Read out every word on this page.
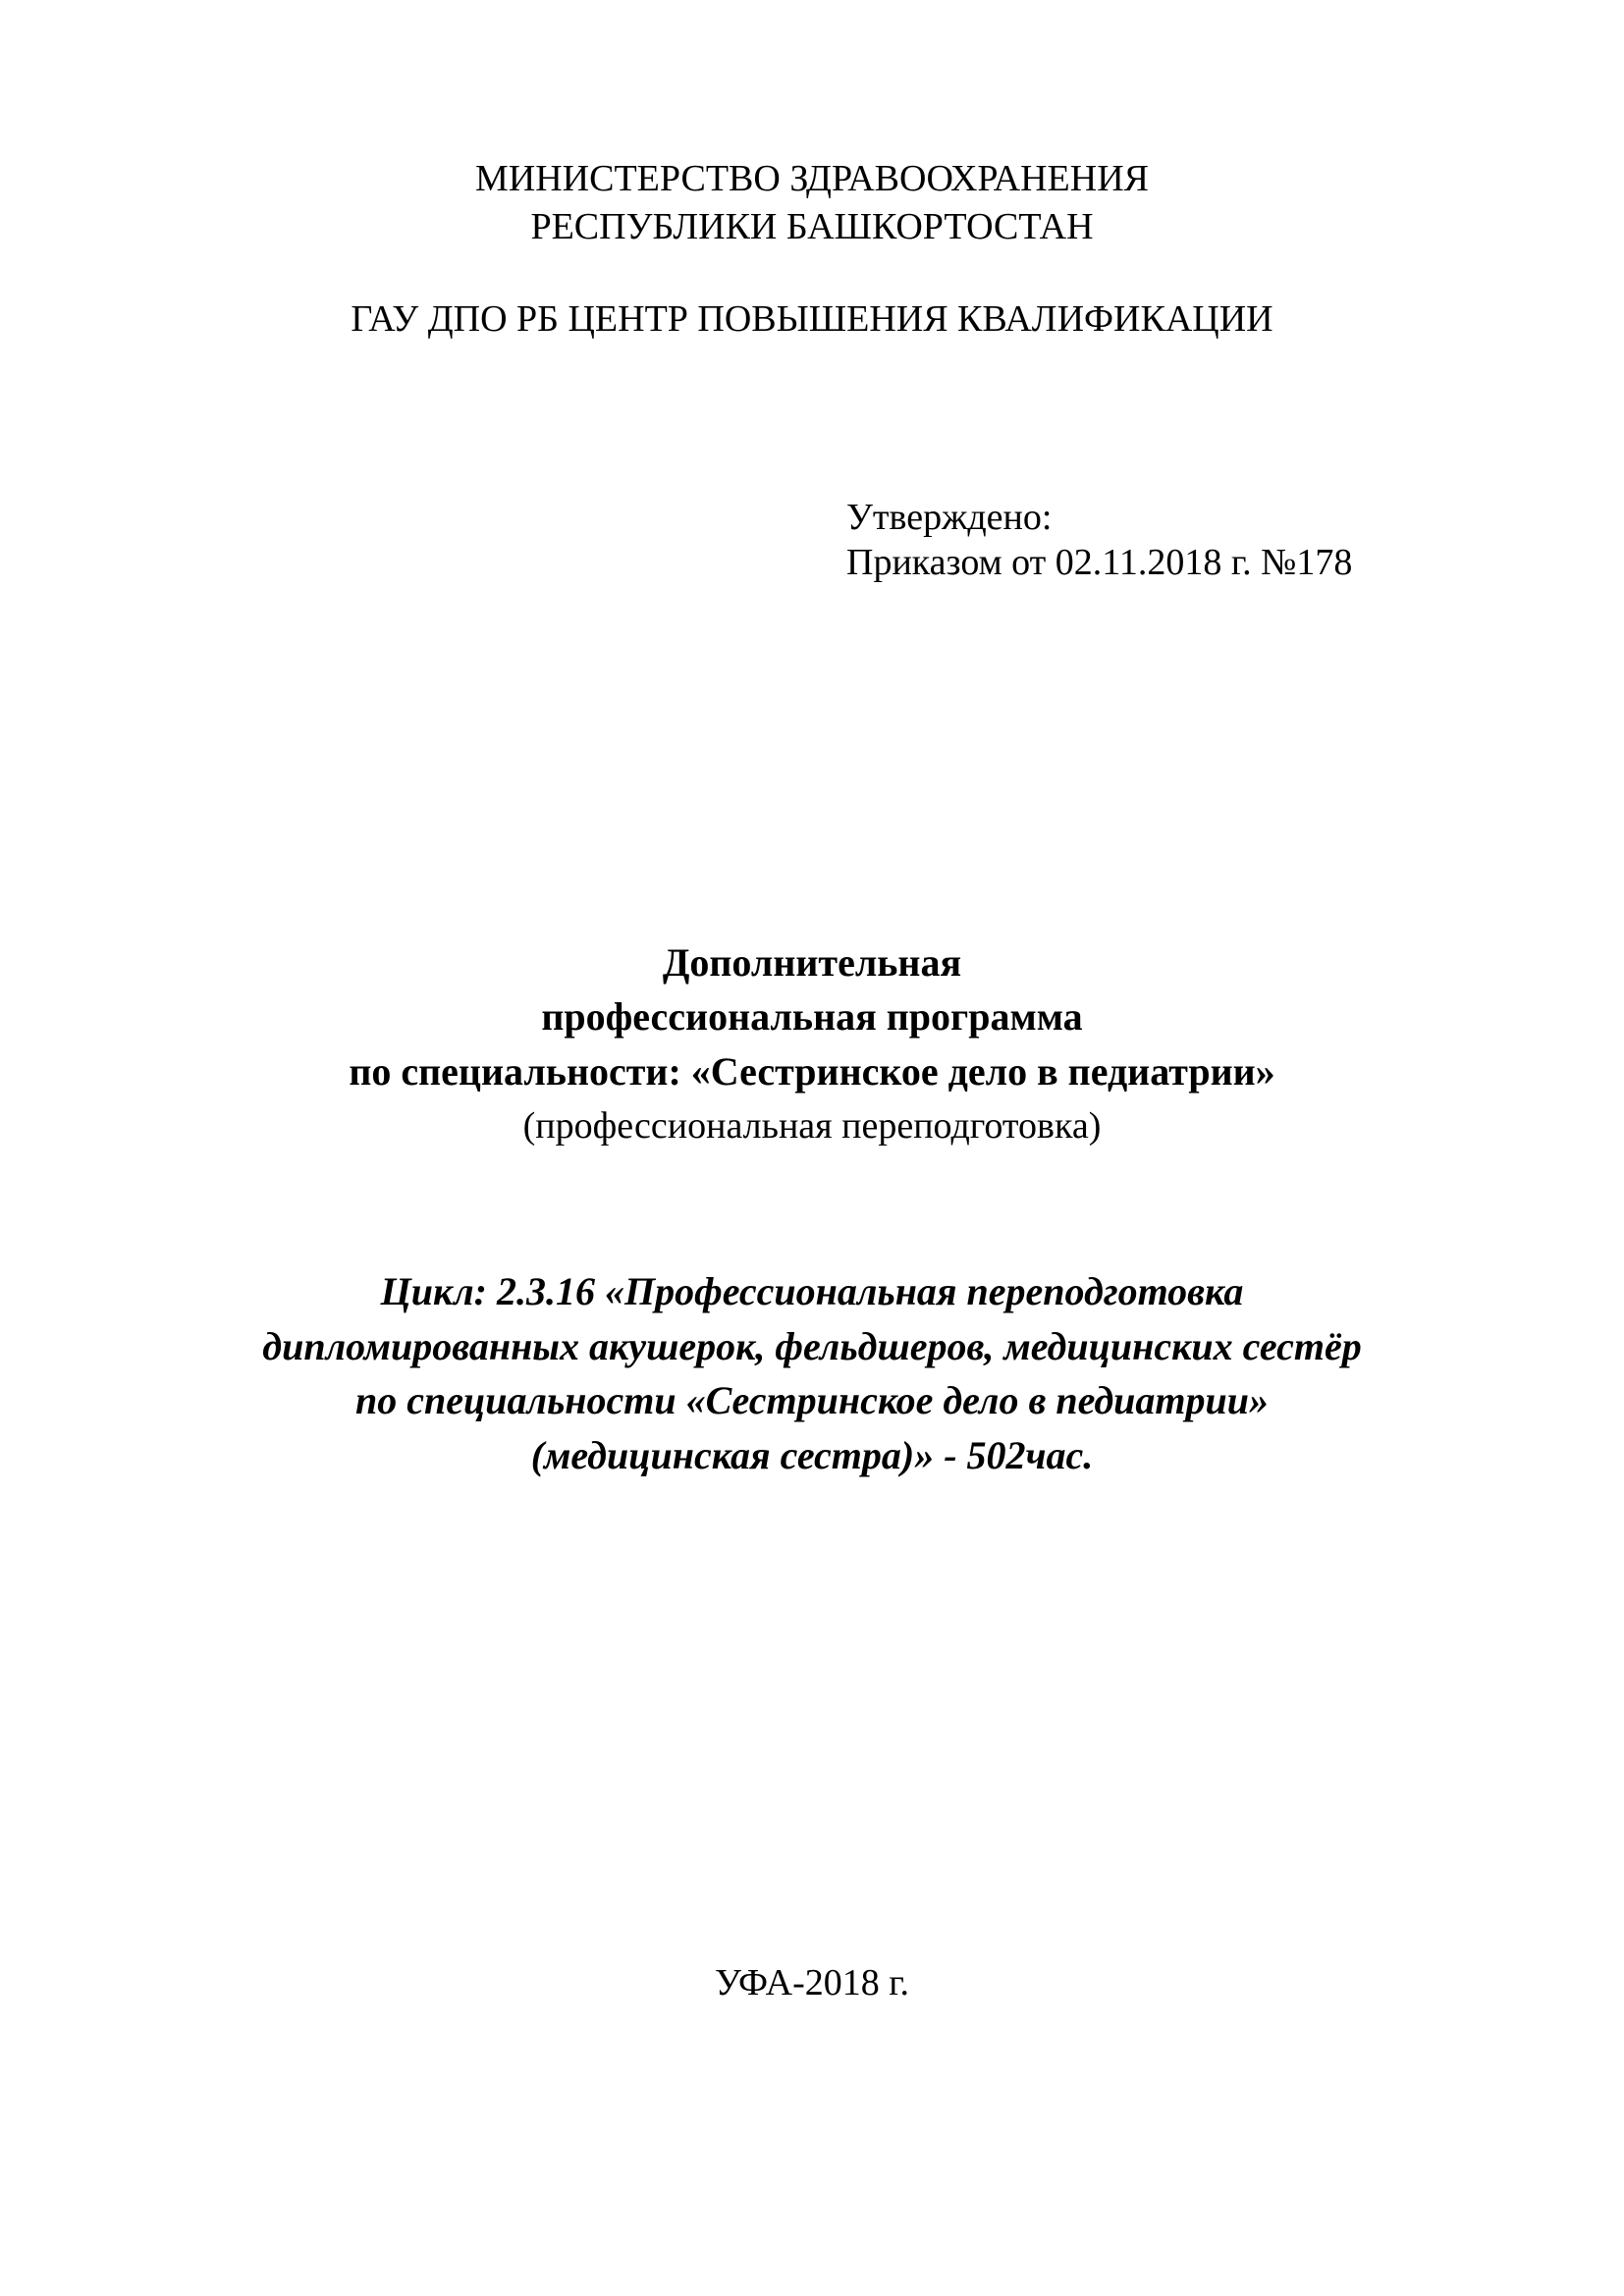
МИНИСТЕРСТВО ЗДРАВООХРАНЕНИЯ
РЕСПУБЛИКИ БАШКОРТОСТАН
ГАУ ДПО РБ ЦЕНТР ПОВЫШЕНИЯ КВАЛИФИКАЦИИ
Утверждено:
Приказом от 02.11.2018 г. №178
Дополнительная
профессиональная программа
по специальности: «Сестринское дело в педиатрии»
(профессиональная переподготовка)
Цикл: 2.3.16 «Профессиональная переподготовка
дипломированных акушерок, фельдшеров, медицинских сестёр
по специальности «Сестринское дело в педиатрии»
(медицинская сестра)» - 502час.
УФА-2018 г.
